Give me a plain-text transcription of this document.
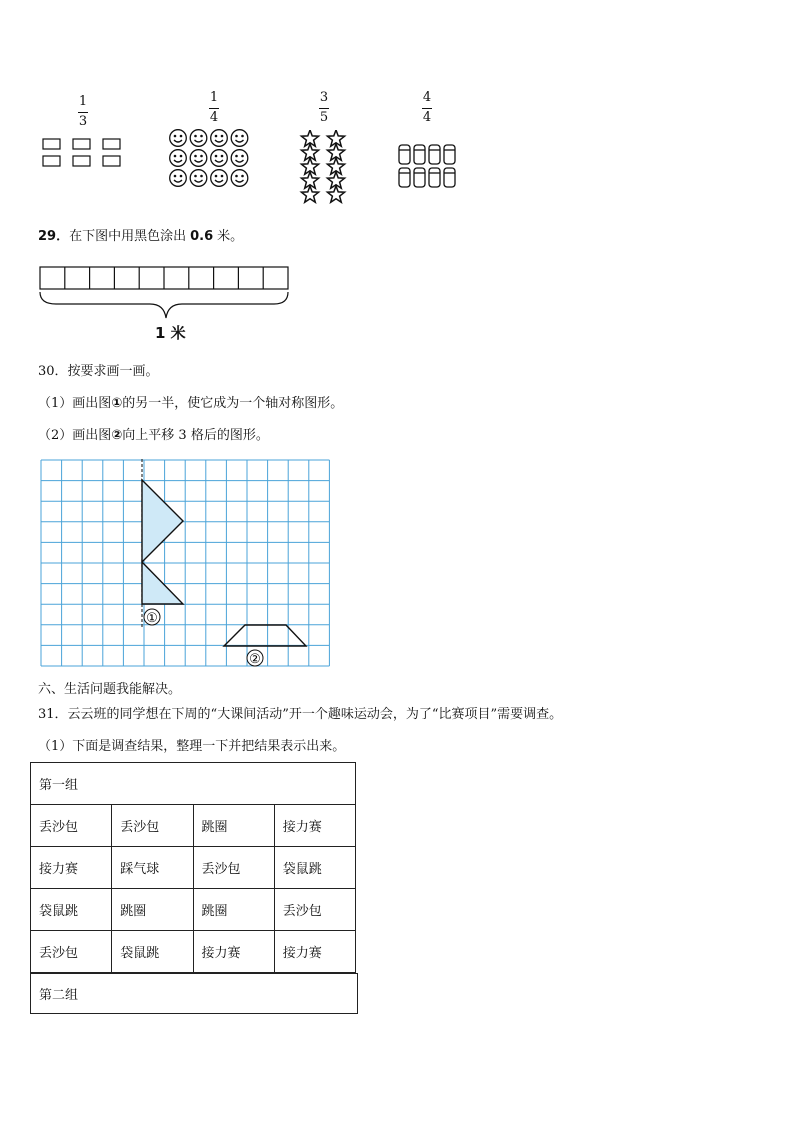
1
3
1
4
3
5
4
4
29．在下图中用黑色涂出 0.6 米。
1 米
30．按要求画一画。
（1）画出图①的另一半，使它成为一个轴对称图形。
（2）画出图②向上平移 3 格后的图形。
①
②
六、生活问题我能解决。
31．云云班的同学想在下周的“大课间活动”开一个趣味运动会，为了“比赛项目”需要调查。
（1）下面是调查结果，整理一下并把结果表示出来。
第一组			
丢沙包	丢沙包	跳圈	接力赛
接力赛	踩气球	丢沙包	袋鼠跳
袋鼠跳	跳圈	跳圈	丢沙包
丢沙包	袋鼠跳	接力赛	接力赛
第二组
